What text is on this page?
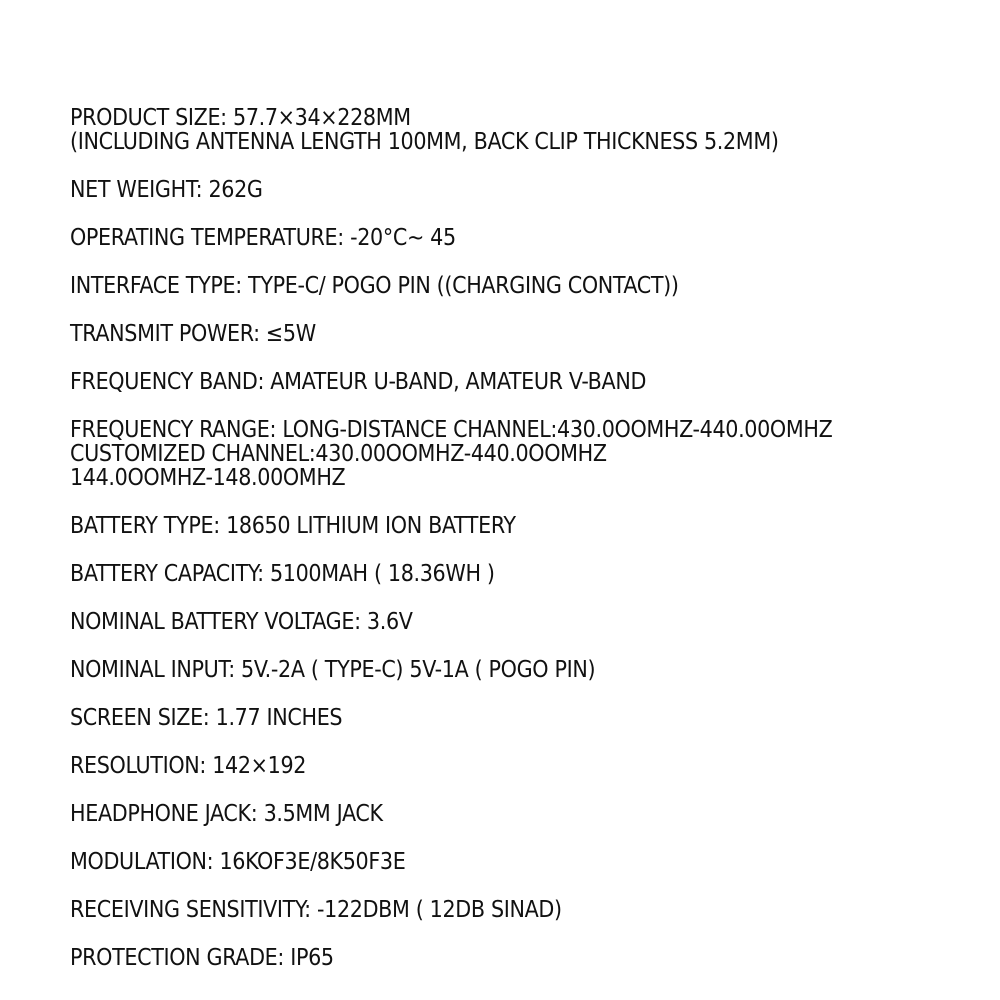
PRODUCT SIZE: 57.7×34×228MM
(INCLUDING ANTENNA LENGTH 100MM, BACK CLIP THICKNESS 5.2MM)
NET WEIGHT: 262G
OPERATING TEMPERATURE: -20°C~ 45
INTERFACE TYPE: TYPE-C/ POGO PIN ((CHARGING CONTACT))
TRANSMIT POWER: ≤5W
FREQUENCY BAND: AMATEUR U-BAND, AMATEUR V-BAND
FREQUENCY RANGE: LONG-DISTANCE CHANNEL:430.0OOMHZ-440.00OMHZ
CUSTOMIZED CHANNEL:430.00OOMHZ-440.0OOMHZ
144.0OOMHZ-148.00OMHZ
BATTERY TYPE: 18650 LITHIUM ION BATTERY
BATTERY CAPACITY: 5100MAH ( 18.36WH )
NOMINAL BATTERY VOLTAGE: 3.6V
NOMINAL INPUT: 5V.-2A ( TYPE-C) 5V-1A ( POGO PIN)
SCREEN SIZE: 1.77 INCHES
RESOLUTION: 142×192
HEADPHONE JACK: 3.5MM JACK
MODULATION: 16KOF3E/8K50F3E
RECEIVING SENSITIVITY: -122DBM ( 12DB SINAD)
PROTECTION GRADE: IP65
